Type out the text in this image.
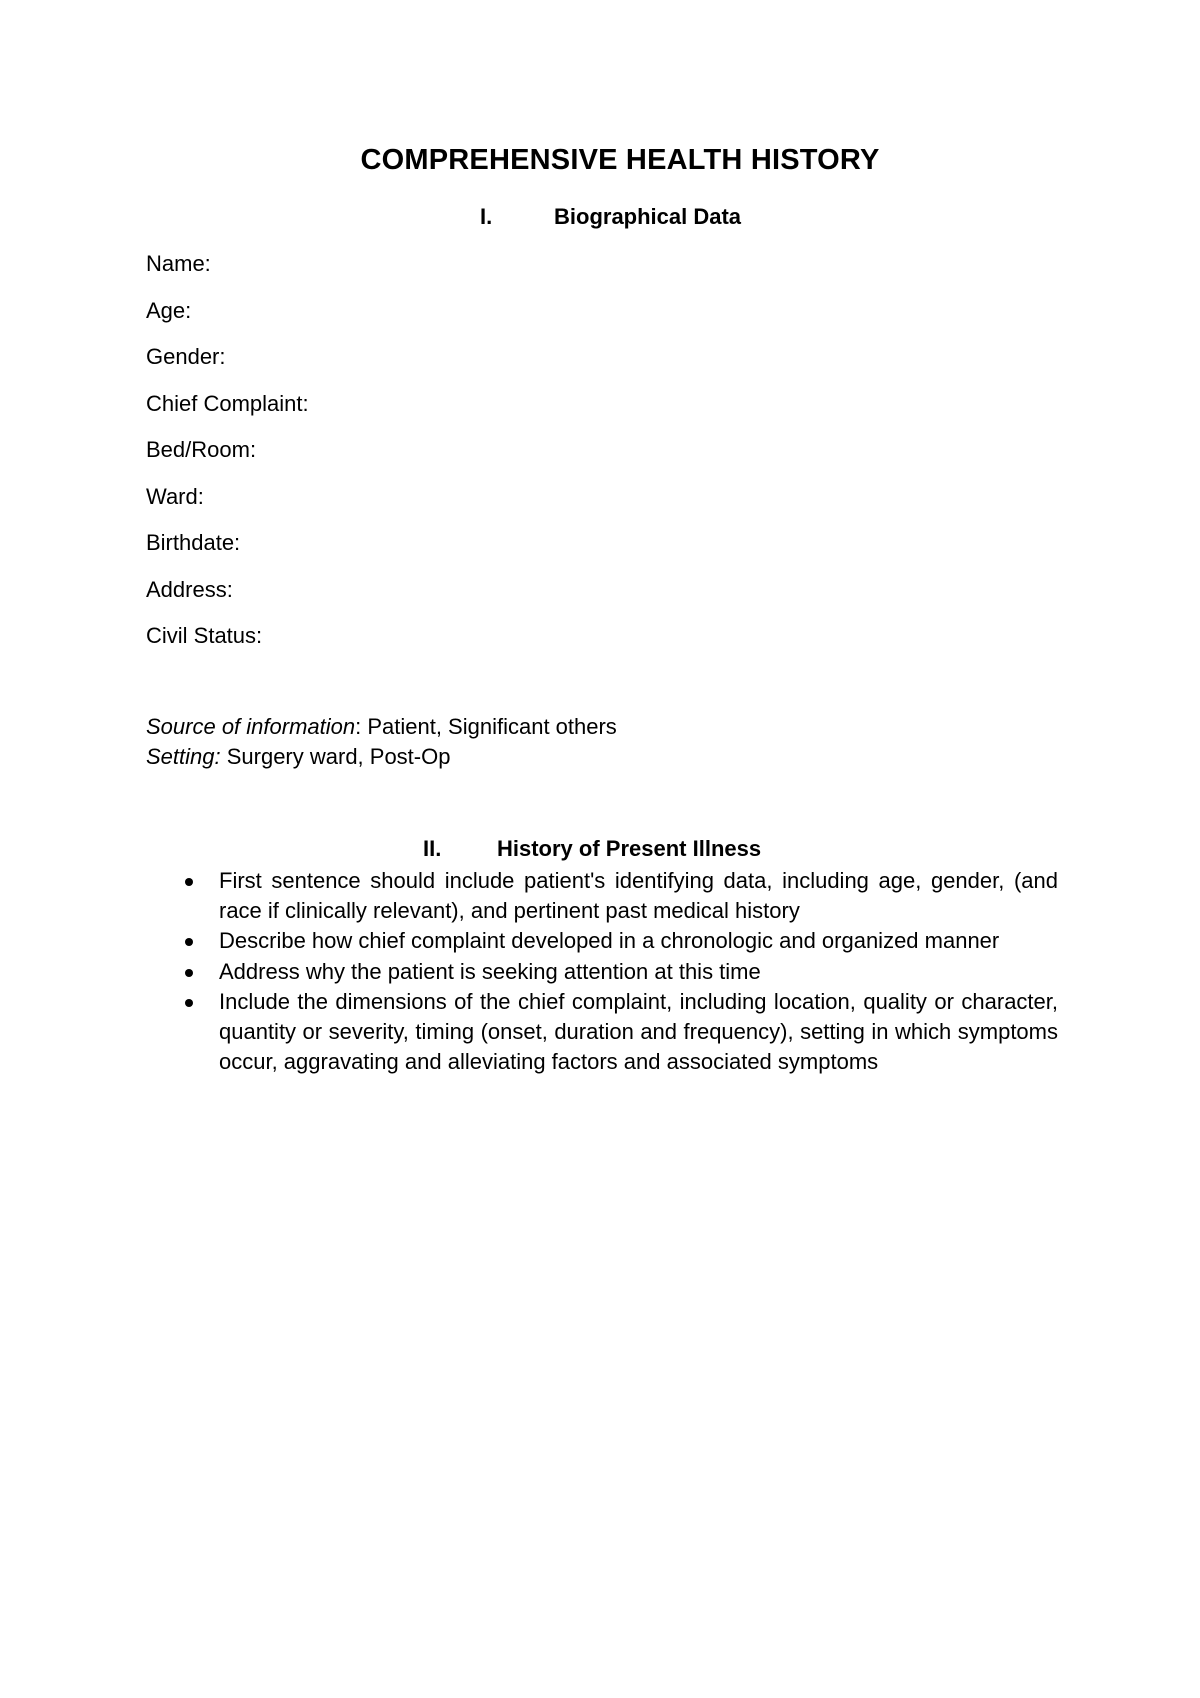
COMPREHENSIVE HEALTH HISTORY
I.	Biographical Data
Name:
Age:
Gender:
Chief Complaint:
Bed/Room:
Ward:
Birthdate:
Address:
Civil Status:
Source of information: Patient, Significant others
Setting: Surgery ward, Post-Op
II.	History of Present Illness
First sentence should include patient's identifying data, including age, gender, (and race if clinically relevant), and pertinent past medical history
Describe how chief complaint developed in a chronologic and organized manner
Address why the patient is seeking attention at this time
Include the dimensions of the chief complaint, including location, quality or character, quantity or severity, timing (onset, duration and frequency), setting in which symptoms occur, aggravating and alleviating factors and associated symptoms
